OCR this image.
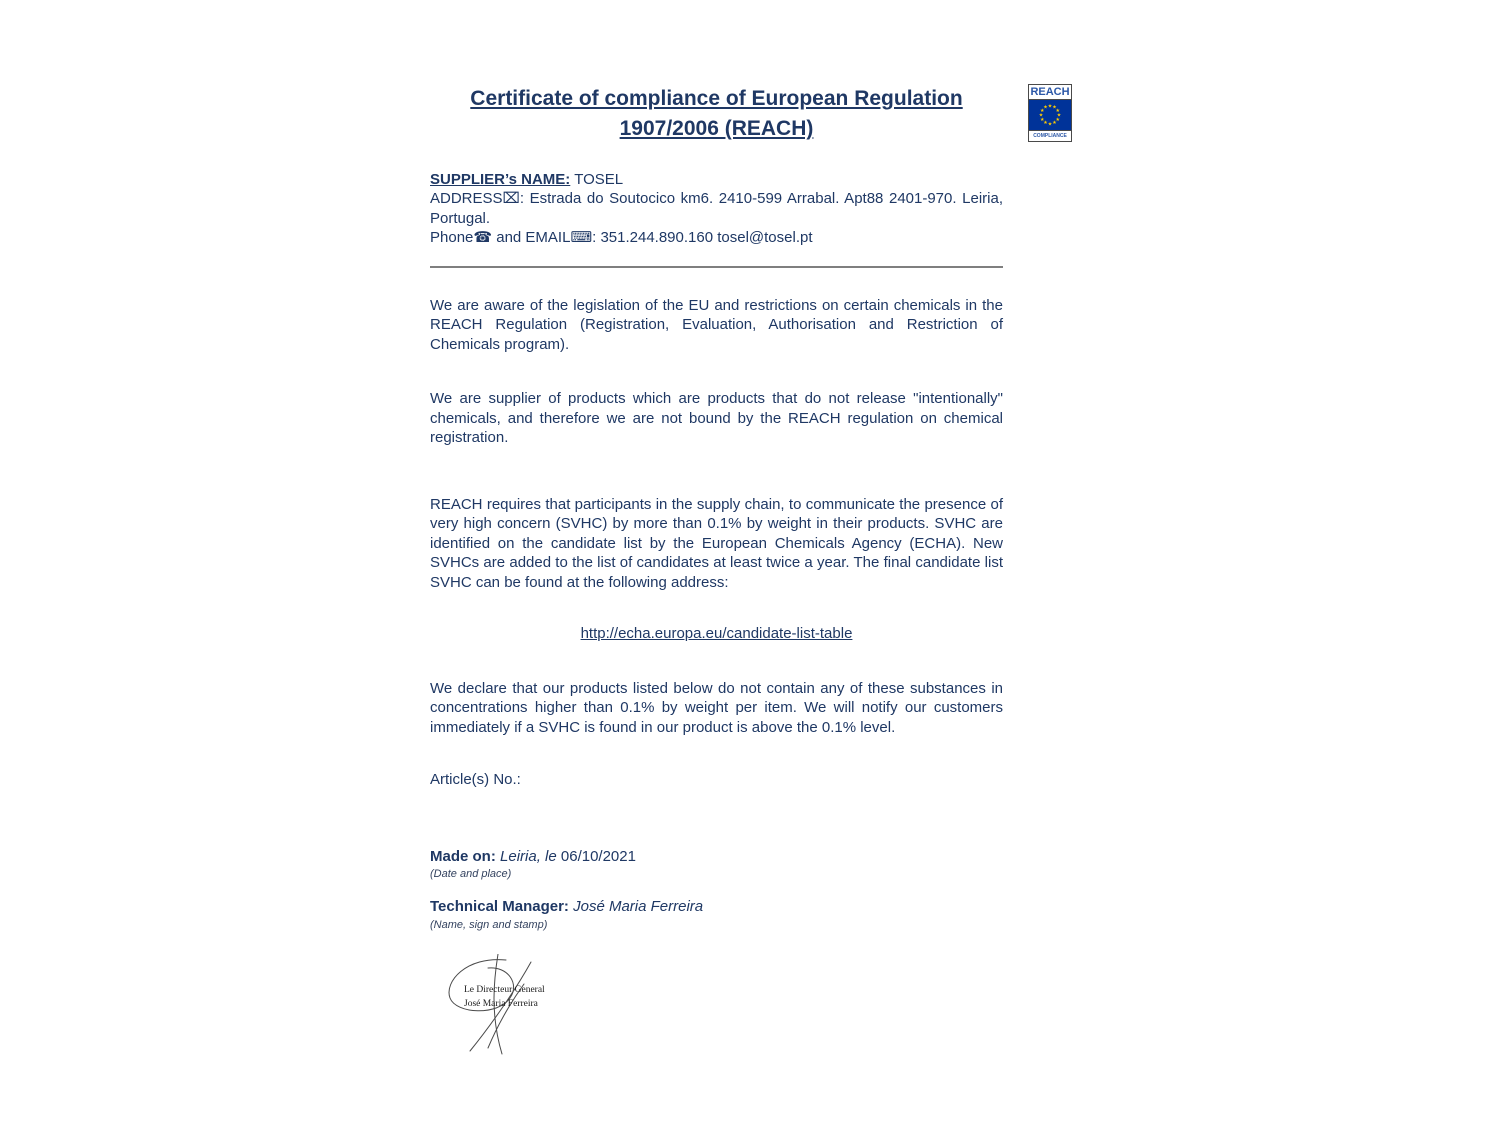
REACH
★ ★
★
★
★
★
★
★
★
★
★
★
COMPLIANCE
Certificate of compliance of European Regulation
1907/2006 (REACH)

SUPPLIER’s NAME: TOSEL

ADDRESS⌧: Estrada do Soutocico km6. 2410-599 Arrabal. Apt88 2401-970. Leiria, Portugal.

Phone☎ and EMAIL⌨: 351.244.890.160 tosel@tosel.pt

We are aware of the legislation of the EU and restrictions on certain chemicals in the REACH Regulation (Registration, Evaluation, Authorisation and Restriction of Chemicals program).

We are supplier of products which are products that do not release "intentionally" chemicals, and therefore we are not bound by the REACH regulation on chemical registration.

REACH requires that participants in the supply chain, to communicate the presence of very high concern (SVHC) by more than 0.1% by weight in their products. SVHC are identified on the candidate list by the European Chemicals Agency (ECHA). New SVHCs are added to the list of candidates at least twice a year. The final candidate list SVHC can be found at the following address:

http://echa.europa.eu/candidate-list-table

We declare that our products listed below do not contain any of these substances in concentrations higher than 0.1% by weight per item. We will notify our customers immediately if a SVHC is found in our product is above the 0.1% level.

Article(s) No.:

Made on: Leiria, le 06/10/2021

(Date and place)

Technical Manager: José Maria Ferreira

(Name, sign and stamp)

Le Directeur General
José Maria Ferreira
